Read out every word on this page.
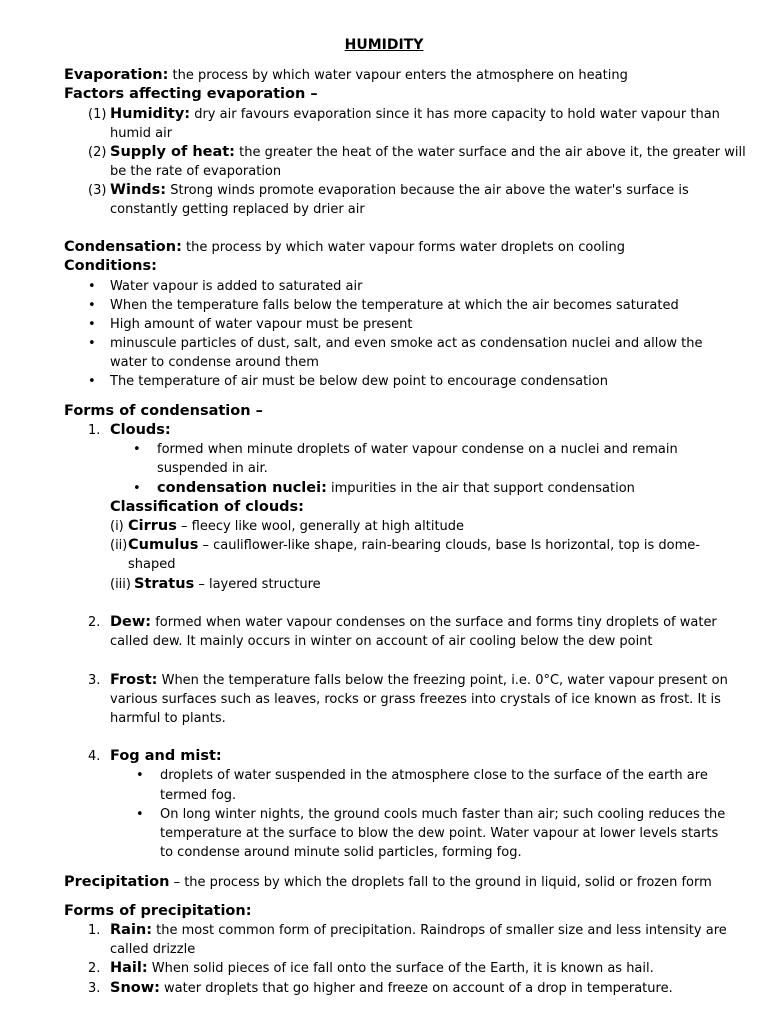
HUMIDITY
Evaporation: the process by which water vapour enters the atmosphere on heating
Factors affecting evaporation –
(1) Humidity: dry air favours evaporation since it has more capacity to hold water vapour than
humid air
(2) Supply of heat: the greater the heat of the water surface and the air above it, the greater will
be the rate of evaporation
(3) Winds: Strong winds promote evaporation because the air above the water's surface is
constantly getting replaced by drier air
Condensation: the process by which water vapour forms water droplets on cooling
Conditions:
• Water vapour is added to saturated air
• When the temperature falls below the temperature at which the air becomes saturated
• High amount of water vapour must be present
• minuscule particles of dust, salt, and even smoke act as condensation nuclei and allow the
water to condense around them
• The temperature of air must be below dew point to encourage condensation
Forms of condensation –
1. Clouds:
• formed when minute droplets of water vapour condense on a nuclei and remain
suspended in air.
• condensation nuclei: impurities in the air that support condensation
Classification of clouds:
(i) Cirrus – fleecy like wool, generally at high altitude
(ii) Cumulus – cauliflower-like shape, rain-bearing clouds, base Is horizontal, top is dome-
shaped
(iii) Stratus – layered structure
2. Dew: formed when water vapour condenses on the surface and forms tiny droplets of water
called dew. It mainly occurs in winter on account of air cooling below the dew point
3. Frost: When the temperature falls below the freezing point, i.e. 0°C, water vapour present on
various surfaces such as leaves, rocks or grass freezes into crystals of ice known as frost. It is
harmful to plants.
4. Fog and mist:
• droplets of water suspended in the atmosphere close to the surface of the earth are
termed fog.
• On long winter nights, the ground cools much faster than air; such cooling reduces the
temperature at the surface to blow the dew point. Water vapour at lower levels starts
to condense around minute solid particles, forming fog.
Precipitation – the process by which the droplets fall to the ground in liquid, solid or frozen form
Forms of precipitation:
1. Rain: the most common form of precipitation. Raindrops of smaller size and less intensity are
called drizzle
2. Hail: When solid pieces of ice fall onto the surface of the Earth, it is known as hail.
3. Snow: water droplets that go higher and freeze on account of a drop in temperature.
